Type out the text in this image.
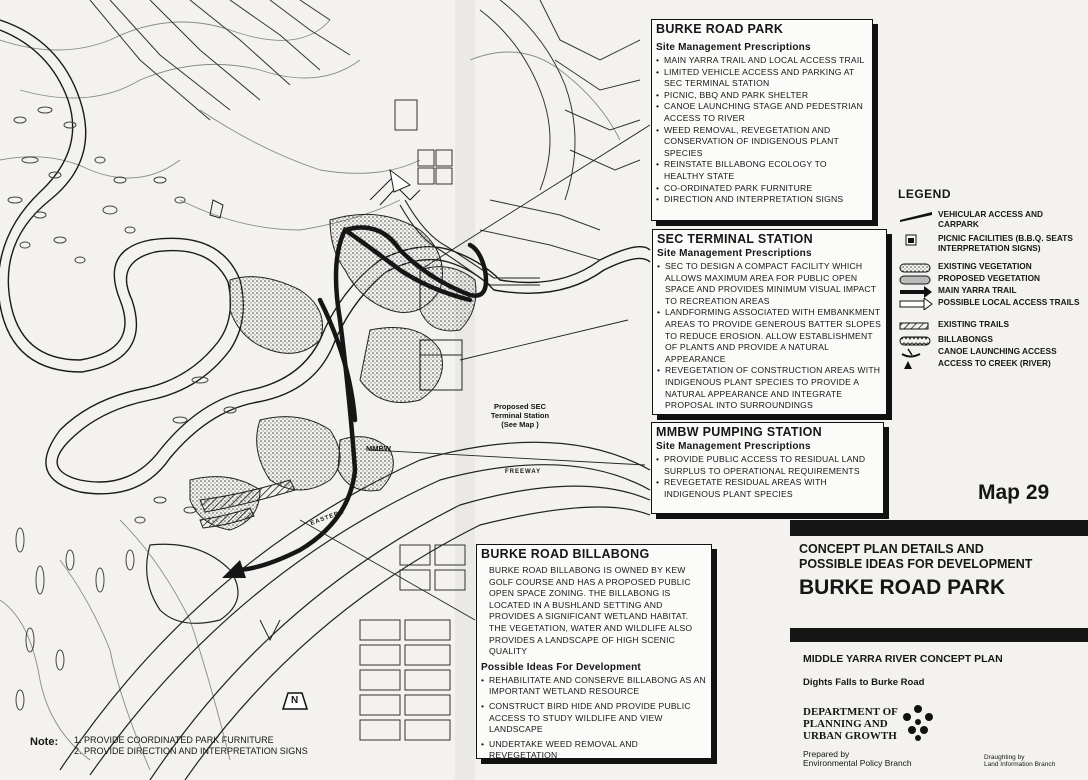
Proposed SEC
Terminal Station
(See Map )
MMBW
FREEWAY
EASTERN
N
Note: 1. PROVIDE COORDINATED PARK FURNITURE
2. PROVIDE DIRECTION AND INTERPRETATION SIGNS
BURKE ROAD PARK
Site Management Prescriptions
• MAIN YARRA TRAIL AND LOCAL ACCESS TRAIL
• LIMITED VEHICLE ACCESS AND PARKING AT SEC TERMINAL STATION
• PICNIC, BBQ AND PARK SHELTER
• CANOE LAUNCHING STAGE AND PEDESTRIAN ACCESS TO RIVER
• WEED REMOVAL, REVEGETATION AND CONSERVATION OF INDIGENOUS PLANT SPECIES
• REINSTATE BILLABONG ECOLOGY TO HEALTHY STATE
• CO-ORDINATED PARK FURNITURE
• DIRECTION AND INTERPRETATION SIGNS
SEC TERMINAL STATION
Site Management Prescriptions
• SEC TO DESIGN A COMPACT FACILITY WHICH ALLOWS MAXIMUM AREA FOR PUBLIC OPEN SPACE AND PROVIDES MINIMUM VISUAL IMPACT TO RECREATION AREAS
• LANDFORMING ASSOCIATED WITH EMBANKMENT AREAS TO PROVIDE GENEROUS BATTER SLOPES TO REDUCE EROSION. ALLOW ESTABLISHMENT OF PLANTS AND PROVIDE A NATURAL APPEARANCE
• REVEGETATION OF CONSTRUCTION AREAS WITH INDIGENOUS PLANT SPECIES TO PROVIDE A NATURAL APPEARANCE AND INTEGRATE PROPOSAL INTO SURROUNDINGS
MMBW PUMPING STATION
Site Management Prescriptions
• PROVIDE PUBLIC ACCESS TO RESIDUAL LAND SURPLUS TO OPERATIONAL REQUIREMENTS
• REVEGETATE RESIDUAL AREAS WITH INDIGENOUS PLANT SPECIES
BURKE ROAD BILLABONG

BURKE ROAD BILLABONG IS OWNED BY KEW GOLF COURSE AND HAS A PROPOSED PUBLIC OPEN SPACE ZONING. THE BILLABONG IS LOCATED IN A BUSHLAND SETTING AND PROVIDES A SIGNIFICANT WETLAND HABITAT. THE VEGETATION, WATER AND WILDLIFE ALSO PROVIDES A LANDSCAPE OF HIGH SCENIC QUALITY

Possible Ideas For Development
• REHABILITATE AND CONSERVE BILLABONG AS AN IMPORTANT WETLAND RESOURCE
• CONSTRUCT BIRD HIDE AND PROVIDE PUBLIC ACCESS TO STUDY WILDLIFE AND VIEW LANDSCAPE
• UNDERTAKE WEED REMOVAL AND REVEGETATION
LEGEND
VEHICULAR ACCESS AND CARPARK
PICNIC FACILITIES (B.B.Q. SEATS INTERPRETATION SIGNS)
EXISTING VEGETATION
PROPOSED VEGETATION
MAIN YARRA TRAIL
POSSIBLE LOCAL ACCESS TRAILS
EXISTING TRAILS
BILLABONGS
CANOE LAUNCHING ACCESS
ACCESS TO CREEK (RIVER)
Map 29
CONCEPT PLAN DETAILS AND
POSSIBLE IDEAS FOR DEVELOPMENT
BURKE ROAD PARK
MIDDLE YARRA RIVER CONCEPT PLAN
Dights Falls to Burke Road
DEPARTMENT OF
PLANNING AND
URBAN GROWTH
Prepared by
Environmental Policy Branch
Draughting by
Land Information Branch
